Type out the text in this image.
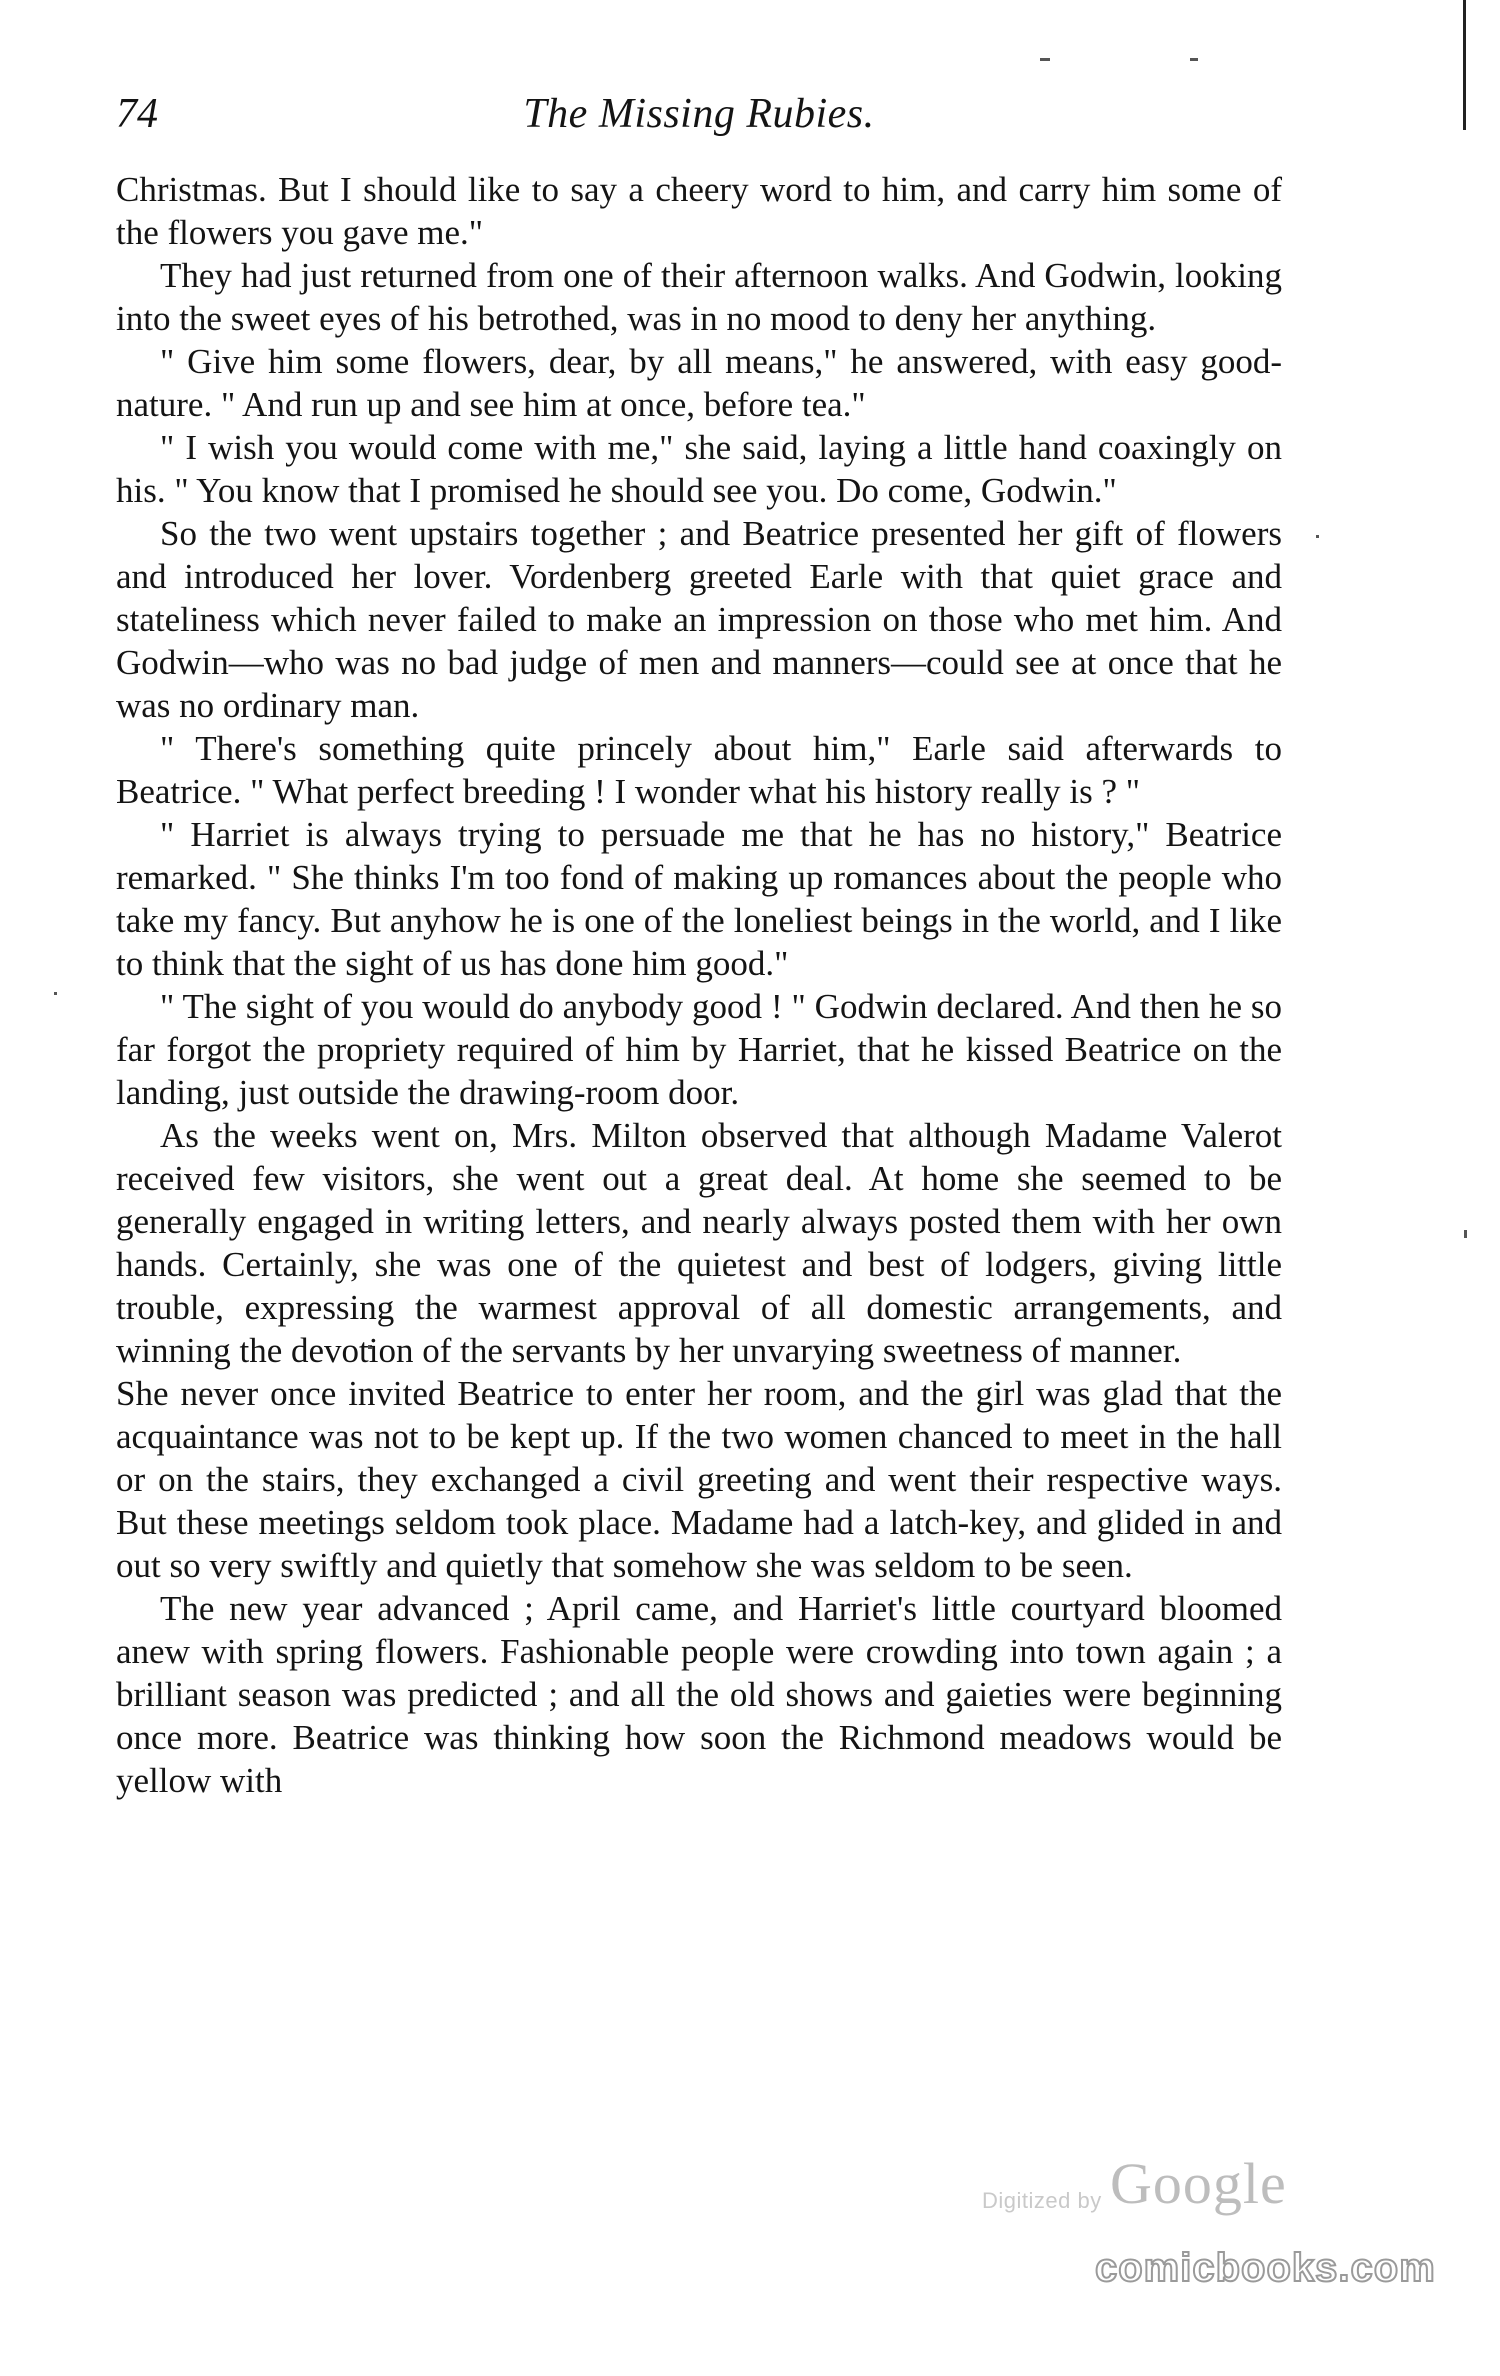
74	The Missing Rubies.

Christmas. But I should like to say a cheery word to him, and carry him some of the flowers you gave me."

They had just returned from one of their afternoon walks. And Godwin, looking into the sweet eyes of his betrothed, was in no mood to deny her anything.

" Give him some flowers, dear, by all means," he answered, with easy good-nature. " And run up and see him at once, before tea."

" I wish you would come with me," she said, laying a little hand coaxingly on his. " You know that I promised he should see you. Do come, Godwin."

So the two went upstairs together ; and Beatrice presented her gift of flowers and introduced her lover. Vordenberg greeted Earle with that quiet grace and stateliness which never failed to make an impression on those who met him. And Godwin—who was no bad judge of men and manners—could see at once that he was no ordinary man.

" There's something quite princely about him," Earle said afterwards to Beatrice. " What perfect breeding ! I wonder what his history really is ? "

" Harriet is always trying to persuade me that he has no history," Beatrice remarked. " She thinks I'm too fond of making up romances about the people who take my fancy. But anyhow he is one of the loneliest beings in the world, and I like to think that the sight of us has done him good."

" The sight of you would do anybody good ! " Godwin declared. And then he so far forgot the propriety required of him by Harriet, that he kissed Beatrice on the landing, just outside the drawing-room door.

As the weeks went on, Mrs. Milton observed that although Madame Valerot received few visitors, she went out a great deal. At home she seemed to be generally engaged in writing letters, and nearly always posted them with her own hands. Certainly, she was one of the quietest and best of lodgers, giving little trouble, expressing the warmest approval of all domestic arrangements, and winning the devotion of the servants by her unvarying sweetness of manner.

She never once invited Beatrice to enter her room, and the girl was glad that the acquaintance was not to be kept up. If the two women chanced to meet in the hall or on the stairs, they exchanged a civil greeting and went their respective ways. But these meetings seldom took place. Madame had a latch-key, and glided in and out so very swiftly and quietly that somehow she was seldom to be seen.

The new year advanced ; April came, and Harriet's little courtyard bloomed anew with spring flowers. Fashionable people were crowding into town again ; a brilliant season was predicted ; and all the old shows and gaieties were beginning once more. Beatrice was thinking how soon the Richmond meadows would be yellow with

Digitized by Google
comicbooks.com
